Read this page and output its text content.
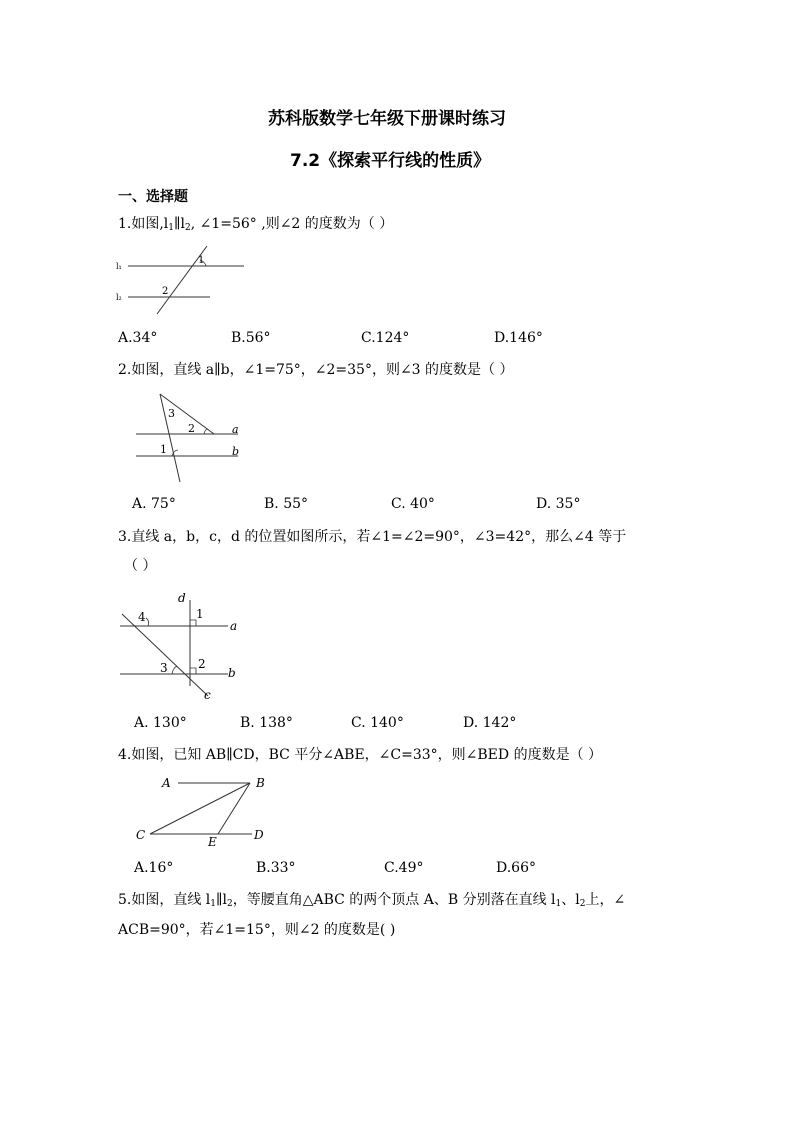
苏科版数学七年级下册课时练习
7.2《探索平行线的性质》
一、选择题
1.如图$,l_1\parallel l_2$, ∠1=56° ,则∠2 的度数为（ ）
l₁
l₂
1
2
A.34°	B.56°	C.124°	D.146°
2.如图，直线 a∥b，∠1=75°，∠2=35°，则∠3 的度数是（ ）
3
2
1
a
b
A. 75°	B. 55°	C. 40°	D. 35°
3.直线 a，b，c，d 的位置如图所示，若∠1=∠2=90°，∠3=42°，那么∠4 等于
（ ）
d
a
b
c
1
2
3
4
A. 130°	B. 138°	C. 140°	D. 142°
4.如图，已知 AB∥CD，BC 平分∠ABE，∠C=33°，则∠BED 的度数是（ ）
A	B
C	D
E
A.16°	B.33°	C.49°	D.66°
5.如图，直线 $l_1\parallel l_2$，等腰直角△ABC 的两个顶点 A、B 分别落在直线 $l_1$、$l_2$上，∠
ACB=90°，若∠1=15°，则∠2 的度数是( )
